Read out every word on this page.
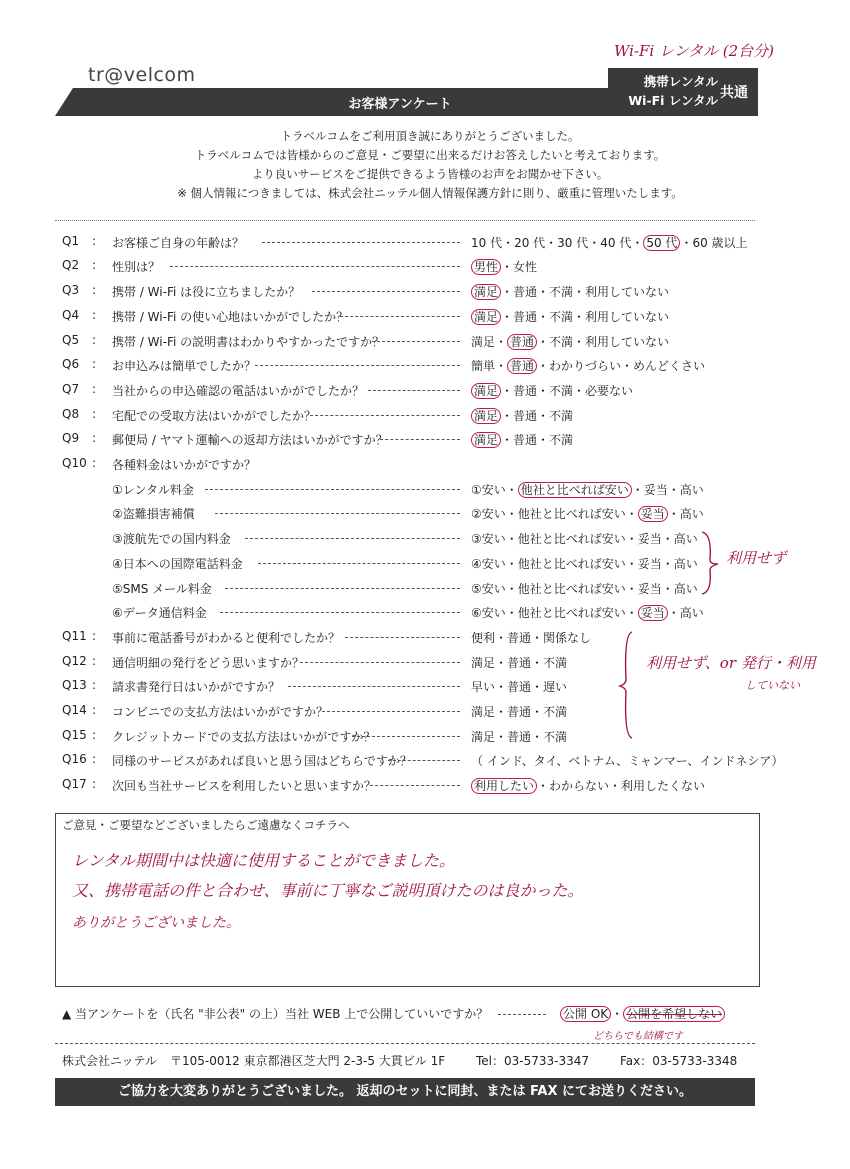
tr@velcom
Wi-Fi レンタル (2台分)
お客様アンケート
携帯レンタル
Wi-Fi レンタル 共通
トラベルコムをご利用頂き誠にありがとうございました。
トラベルコムでは皆様からのご意見・ご要望に出来るだけお答えしたいと考えております。
より良いサービスをご提供できるよう皆様のお声をお聞かせ下さい。
※ 個人情報につきましては、株式会社ニッテル個人情報保護方針に則り、厳重に管理いたします。
Q1 : お客様ご自身の年齢は？	10 代・20 代・30 代・40 代・ 50 代 ・60 歳以上
Q2 : 性別は？	男性 ・女性
Q3 : 携帯 / Wi-Fi は役に立ちましたか？	満足 ・普通・不満・利用していない
Q4 : 携帯 / Wi-Fi の使い心地はいかがでしたか？	満足 ・普通・不満・利用していない
Q5 : 携帯 / Wi-Fi の説明書はわかりやすかったですか？	満足・ 普通 ・不満・利用していない
Q6 : お申込みは簡単でしたか？	簡単・ 普通 ・わかりづらい・めんどくさい
Q7 : 当社からの申込確認の電話はいかがでしたか？	満足 ・普通・不満・必要ない
Q8 : 宅配での受取方法はいかがでしたか？	満足 ・普通・不満
Q9 : 郵便局 / ヤマト運輸への返却方法はいかがですか？	満足 ・普通・不満
Q10 : 各種料金はいかがですか？
①レンタル料金	①安い・ 他社と比べれば安い ・妥当・高い
②盗難損害補償	②安い・他社と比べれば安い・ 妥当 ・高い
③渡航先での国内料金	③安い・他社と比べれば安い・妥当・高い
④日本への国際電話料金	④安い・他社と比べれば安い・妥当・高い
⑤SMS メール料金	⑤安い・他社と比べれば安い・妥当・高い
⑥データ通信料金	⑥安い・他社と比べれば安い・ 妥当 ・高い
Q11 : 事前に電話番号がわかると便利でしたか？	便利・普通・関係なし
Q12 : 通信明細の発行をどう思いますか？	満足・普通・不満
Q13 : 請求書発行日はいかがですか？	早い・普通・遅い
Q14 : コンビニでの支払方法はいかがですか？	満足・普通・不満
Q15 : クレジットカードでの支払方法はいかがですか？	満足・普通・不満
Q16 : 同様のサービスがあれば良いと思う国はどちらですか？	（ インド、タイ、ベトナム、ミャンマー、インドネシア）
Q17 : 次回も当社サービスを利用したいと思いますか？	利用したい ・わからない・利用したくない
利用せず
利用せず、or 発行・利用
していない
ご意見・ご要望などございましたらご遠慮なくコチラへ
レンタル期間中は快適に使用することができました。
又、携帯電話の件と合わせ、事前に丁寧なご説明頂けたのは良かった。
ありがとうございました。
▲ 当アンケートを（氏名 "非公表" の上）当社 WEB 上で公開していいですか？	公開 OK ・ 公開を希望しない
どちらでも結構です
株式会社ニッテル 〒105-0012 東京都港区芝大門 2-3-5 大貫ビル 1F	Tel：03-5733-3347	Fax：03-5733-3348
ご協力を大変ありがとうございました。 返却のセットに同封、または FAX にてお送りください。
